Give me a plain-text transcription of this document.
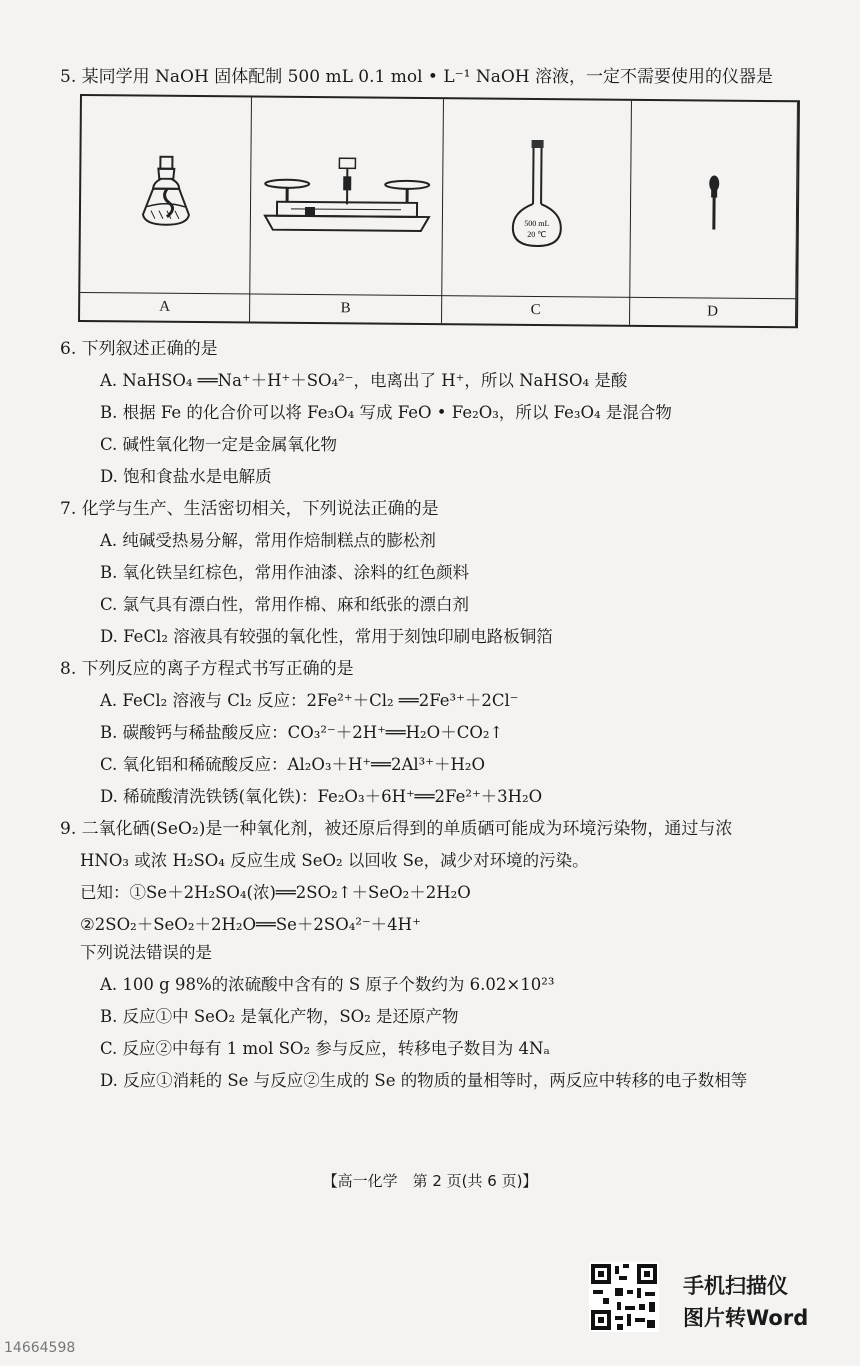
5. 某同学用 NaOH 固体配制 500 mL 0.1 mol • L⁻¹ NaOH 溶液，一定不需要使用的仪器是
A	B
500 mL
20 ℃
C	D
6. 下列叙述正确的是
A. NaHSO₄ ══Na⁺＋H⁺＋SO₄²⁻，电离出了 H⁺，所以 NaHSO₄ 是酸
B. 根据 Fe 的化合价可以将 Fe₃O₄ 写成 FeO • Fe₂O₃，所以 Fe₃O₄ 是混合物
C. 碱性氧化物一定是金属氧化物
D. 饱和食盐水是电解质
7. 化学与生产、生活密切相关，下列说法正确的是
A. 纯碱受热易分解，常用作焙制糕点的膨松剂
B. 氧化铁呈红棕色，常用作油漆、涂料的红色颜料
C. 氯气具有漂白性，常用作棉、麻和纸张的漂白剂
D. FeCl₂ 溶液具有较强的氧化性，常用于刻蚀印刷电路板铜箔
8. 下列反应的离子方程式书写正确的是
A. FeCl₂ 溶液与 Cl₂ 反应：2Fe²⁺＋Cl₂ ══2Fe³⁺＋2Cl⁻
B. 碳酸钙与稀盐酸反应：CO₃²⁻＋2H⁺══H₂O＋CO₂↑
C. 氧化铝和稀硫酸反应：Al₂O₃＋H⁺══2Al³⁺＋H₂O
D. 稀硫酸清洗铁锈(氧化铁)：Fe₂O₃＋6H⁺══2Fe²⁺＋3H₂O
9. 二氧化硒(SeO₂)是一种氧化剂，被还原后得到的单质硒可能成为环境污染物，通过与浓
HNO₃ 或浓 H₂SO₄ 反应生成 SeO₂ 以回收 Se，减少对环境的污染。
已知：①Se＋2H₂SO₄(浓)══2SO₂↑＋SeO₂＋2H₂O
②2SO₂＋SeO₂＋2H₂O══Se＋2SO₄²⁻＋4H⁺
下列说法错误的是
A. 100 g 98%的浓硫酸中含有的 S 原子个数约为 6.02×10²³
B. 反应①中 SeO₂ 是氧化产物，SO₂ 是还原产物
C. 反应②中每有 1 mol SO₂ 参与反应，转移电子数目为 4Nₐ
D. 反应①消耗的 Se 与反应②生成的 Se 的物质的量相等时，两反应中转移的电子数相等
【高一化学　第 2 页(共 6 页)】
手机扫描仪
图片转Word
14664598
